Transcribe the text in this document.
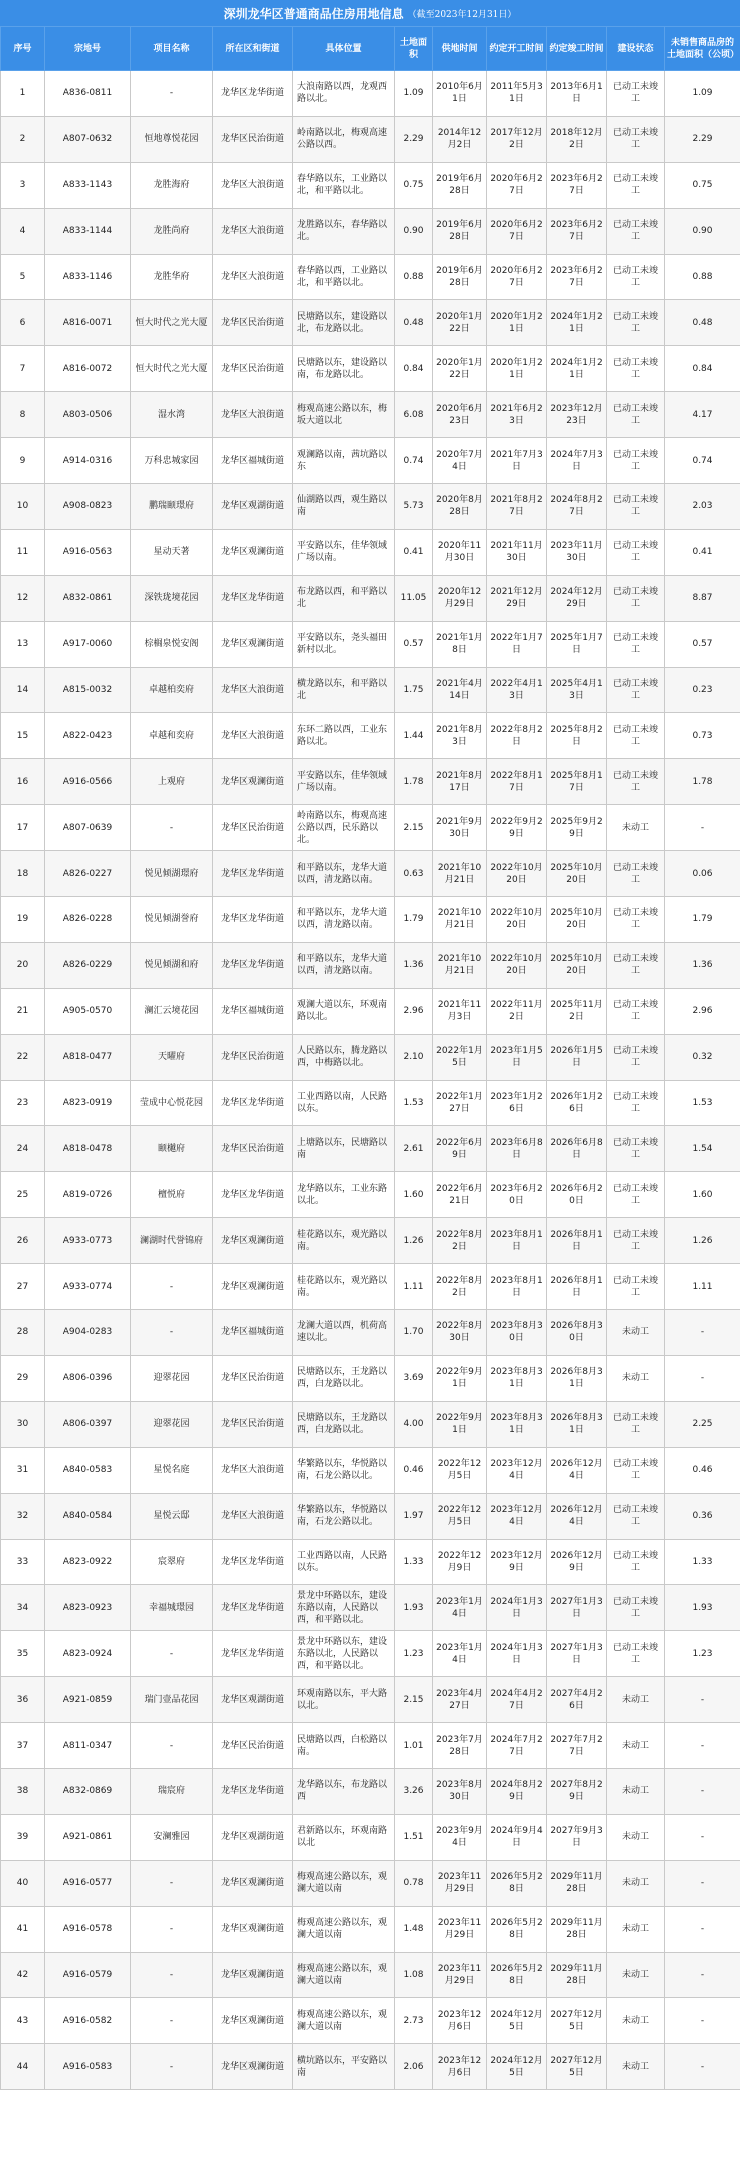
深圳龙华区普通商品住房用地信息 （截至2023年12月31日）
序号	宗地号	项目名称	所在区和街道	具体位置	土地面积	供地时间	约定开工时间	约定竣工时间	建设状态	未销售商品房的土地面积（公顷）
1	A836-0811	-	龙华区龙华街道	大浪南路以西，龙观西路以北。	1.09	2010年6月1日	2011年5月31日	2013年6月1日	已动工未竣工	1.09
2	A807-0632	恒地尊悦花园	龙华区民治街道	岭南路以北，梅观高速公路以西。	2.29	2014年12月2日	2017年12月2日	2018年12月2日	已动工未竣工	2.29
3	A833-1143	龙胜海府	龙华区大浪街道	春华路以东，工业路以北，和平路以北。	0.75	2019年6月28日	2020年6月27日	2023年6月27日	已动工未竣工	0.75
4	A833-1144	龙胜尚府	龙华区大浪街道	龙胜路以东，春华路以北。	0.90	2019年6月28日	2020年6月27日	2023年6月27日	已动工未竣工	0.90
5	A833-1146	龙胜华府	龙华区大浪街道	春华路以西，工业路以北，和平路以北。	0.88	2019年6月28日	2020年6月27日	2023年6月27日	已动工未竣工	0.88
6	A816-0071	恒大时代之光大厦	龙华区民治街道	民塘路以东，建设路以北，布龙路以北。	0.48	2020年1月22日	2020年1月21日	2024年1月21日	已动工未竣工	0.48
7	A816-0072	恒大时代之光大厦	龙华区民治街道	民塘路以东，建设路以南，布龙路以北。	0.84	2020年1月22日	2020年1月21日	2024年1月21日	已动工未竣工	0.84
8	A803-0506	湿水湾	龙华区大浪街道	梅观高速公路以东，梅坂大道以北	6.08	2020年6月23日	2021年6月23日	2023年12月23日	已动工未竣工	4.17
9	A914-0316	万科忠城家园	龙华区福城街道	观澜路以南，茜坑路以东	0.74	2020年7月4日	2021年7月3日	2024年7月3日	已动工未竣工	0.74
10	A908-0823	鹏瑞颐璟府	龙华区观湖街道	仙湖路以西，观生路以南	5.73	2020年8月28日	2021年8月27日	2024年8月27日	已动工未竣工	2.03
11	A916-0563	星动天著	龙华区观澜街道	平安路以东，佳华领域广场以南。	0.41	2020年11月30日	2021年11月30日	2023年11月30日	已动工未竣工	0.41
12	A832-0861	深铁珑境花园	龙华区龙华街道	布龙路以西，和平路以北	11.05	2020年12月29日	2021年12月29日	2024年12月29日	已动工未竣工	8.87
13	A917-0060	棕榈泉悦安阁	龙华区观澜街道	平安路以东，尧头福田新村以北。	0.57	2021年1月8日	2022年1月7日	2025年1月7日	已动工未竣工	0.57
14	A815-0032	卓越柏奕府	龙华区大浪街道	横龙路以东，和平路以北	1.75	2021年4月14日	2022年4月13日	2025年4月13日	已动工未竣工	0.23
15	A822-0423	卓越和奕府	龙华区大浪街道	东环二路以西，工业东路以北。	1.44	2021年8月3日	2022年8月2日	2025年8月2日	已动工未竣工	0.73
16	A916-0566	上观府	龙华区观澜街道	平安路以东，佳华领域广场以南。	1.78	2021年8月17日	2022年8月17日	2025年8月17日	已动工未竣工	1.78
17	A807-0639	-	龙华区民治街道	岭南路以东，梅观高速公路以西，民乐路以北。	2.15	2021年9月30日	2022年9月29日	2025年9月29日	未动工	-
18	A826-0227	悦见倾湖璟府	龙华区龙华街道	和平路以东，龙华大道以西，清龙路以南。	0.63	2021年10月21日	2022年10月20日	2025年10月20日	已动工未竣工	0.06
19	A826-0228	悦见倾湖誉府	龙华区龙华街道	和平路以东，龙华大道以西，清龙路以南。	1.79	2021年10月21日	2022年10月20日	2025年10月20日	已动工未竣工	1.79
20	A826-0229	悦见倾湖和府	龙华区龙华街道	和平路以东，龙华大道以西，清龙路以南。	1.36	2021年10月21日	2022年10月20日	2025年10月20日	已动工未竣工	1.36
21	A905-0570	澜汇云境花园	龙华区福城街道	观澜大道以东，环观南路以北。	2.96	2021年11月3日	2022年11月2日	2025年11月2日	已动工未竣工	2.96
22	A818-0477	天曜府	龙华区民治街道	人民路以东，腾龙路以西，中梅路以北。	2.10	2022年1月5日	2023年1月5日	2026年1月5日	已动工未竣工	0.32
23	A823-0919	莹成中心悦花园	龙华区龙华街道	工业西路以南，人民路以东。	1.53	2022年1月27日	2023年1月26日	2026年1月26日	已动工未竣工	1.53
24	A818-0478	颐樾府	龙华区民治街道	上塘路以东，民塘路以南	2.61	2022年6月9日	2023年6月8日	2026年6月8日	已动工未竣工	1.54
25	A819-0726	檀悦府	龙华区龙华街道	龙华路以东，工业东路以北。	1.60	2022年6月21日	2023年6月20日	2026年6月20日	已动工未竣工	1.60
26	A933-0773	澜湖时代誉锦府	龙华区观澜街道	桂花路以东，观光路以南。	1.26	2022年8月2日	2023年8月1日	2026年8月1日	已动工未竣工	1.26
27	A933-0774	-	龙华区观澜街道	桂花路以东，观光路以南。	1.11	2022年8月2日	2023年8月1日	2026年8月1日	已动工未竣工	1.11
28	A904-0283	-	龙华区福城街道	龙澜大道以西，机荷高速以北。	1.70	2022年8月30日	2023年8月30日	2026年8月30日	未动工	-
29	A806-0396	迎翠花园	龙华区民治街道	民塘路以东，王龙路以西，白龙路以北。	3.69	2022年9月1日	2023年8月31日	2026年8月31日	未动工	-
30	A806-0397	迎翠花园	龙华区民治街道	民塘路以东，王龙路以西，白龙路以北。	4.00	2022年9月1日	2023年8月31日	2026年8月31日	已动工未竣工	2.25
31	A840-0583	星悦名庭	龙华区大浪街道	华繁路以东，华悦路以南，石龙公路以北。	0.46	2022年12月5日	2023年12月4日	2026年12月4日	已动工未竣工	0.46
32	A840-0584	星悦云邸	龙华区大浪街道	华繁路以东，华悦路以南，石龙公路以北。	1.97	2022年12月5日	2023年12月4日	2026年12月4日	已动工未竣工	0.36
33	A823-0922	宸翠府	龙华区龙华街道	工业西路以南，人民路以东。	1.33	2022年12月9日	2023年12月9日	2026年12月9日	已动工未竣工	1.33
34	A823-0923	幸福城璟园	龙华区龙华街道	景龙中环路以东，建设东路以南，人民路以西，和平路以北。	1.93	2023年1月4日	2024年1月3日	2027年1月3日	已动工未竣工	1.93
35	A823-0924	-	龙华区龙华街道	景龙中环路以东，建设东路以北，人民路以西，和平路以北。	1.23	2023年1月4日	2024年1月3日	2027年1月3日	已动工未竣工	1.23
36	A921-0859	瑞门壹品花园	龙华区观湖街道	环观南路以东，平大路以北。	2.15	2023年4月27日	2024年4月27日	2027年4月26日	未动工	-
37	A811-0347	-	龙华区民治街道	民塘路以西，白松路以南。	1.01	2023年7月28日	2024年7月27日	2027年7月27日	未动工	-
38	A832-0869	瑞宸府	龙华区龙华街道	龙华路以东，布龙路以西	3.26	2023年8月30日	2024年8月29日	2027年8月29日	未动工	-
39	A921-0861	安澜雅园	龙华区观湖街道	君新路以东，环观南路以北	1.51	2023年9月4日	2024年9月4日	2027年9月3日	未动工	-
40	A916-0577	-	龙华区观澜街道	梅观高速公路以东，观澜大道以南	0.78	2023年11月29日	2026年5月28日	2029年11月28日	未动工	-
41	A916-0578	-	龙华区观澜街道	梅观高速公路以东，观澜大道以南	1.48	2023年11月29日	2026年5月28日	2029年11月28日	未动工	-
42	A916-0579	-	龙华区观澜街道	梅观高速公路以东，观澜大道以南	1.08	2023年11月29日	2026年5月28日	2029年11月28日	未动工	-
43	A916-0582	-	龙华区观澜街道	梅观高速公路以东，观澜大道以南	2.73	2023年12月6日	2024年12月5日	2027年12月5日	未动工	-
44	A916-0583	-	龙华区观澜街道	横坑路以东，平安路以南	2.06	2023年12月6日	2024年12月5日	2027年12月5日	未动工	-
